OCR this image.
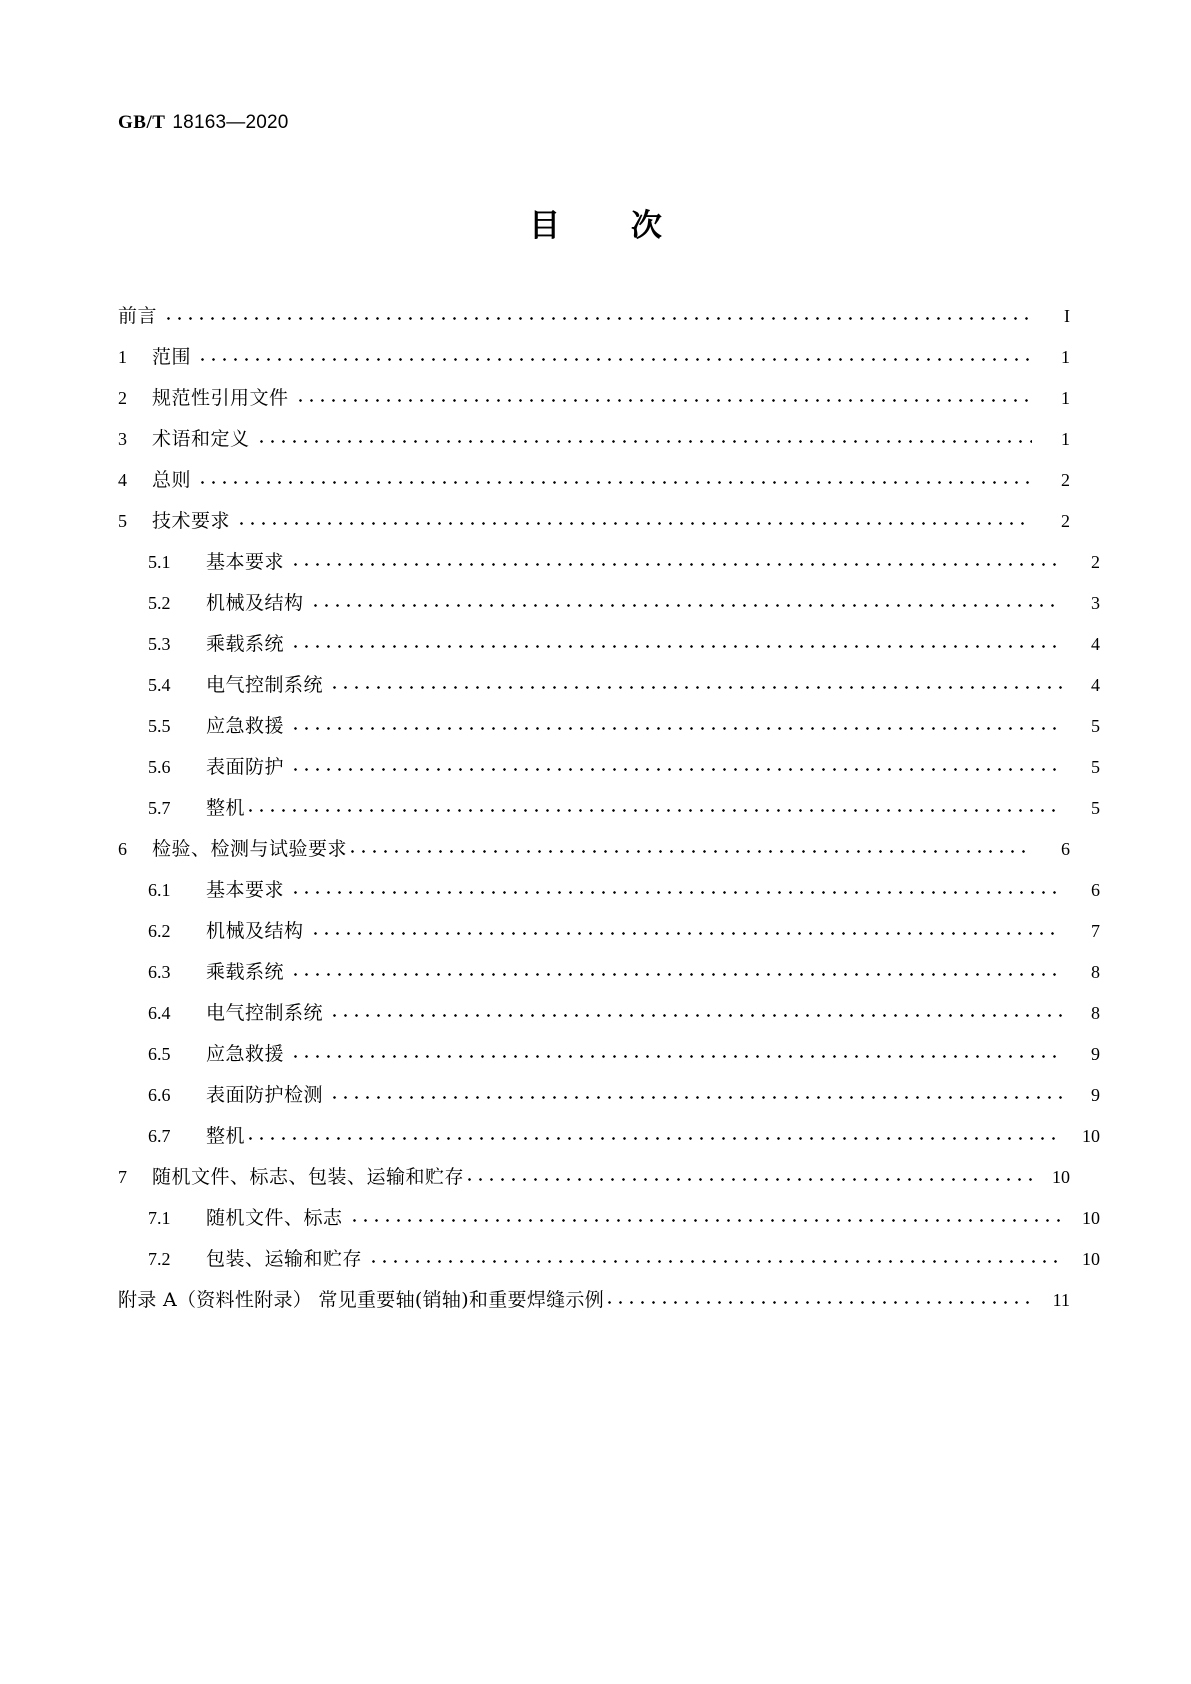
GB/T 18163—2020
目 次
前言	I
1	范围	1
2	规范性引用文件	1
3	术语和定义	1
4	总则	2
5	技术要求	2
5.1	基本要求	2
5.2	机械及结构	3
5.3	乘载系统	4
5.4	电气控制系统	4
5.5	应急救援	5
5.6	表面防护	5
5.7	整机	5
6	检验、检测与试验要求	6
6.1	基本要求	6
6.2	机械及结构	7
6.3	乘载系统	8
6.4	电气控制系统	8
6.5	应急救援	9
6.6	表面防护检测	9
6.7	整机	10
7	随机文件、标志、包装、运输和贮存	10
7.1	随机文件、标志	10
7.2	包装、运输和贮存	10
附录 A（资料性附录） 常见重要轴(销轴)和重要焊缝示例	11
